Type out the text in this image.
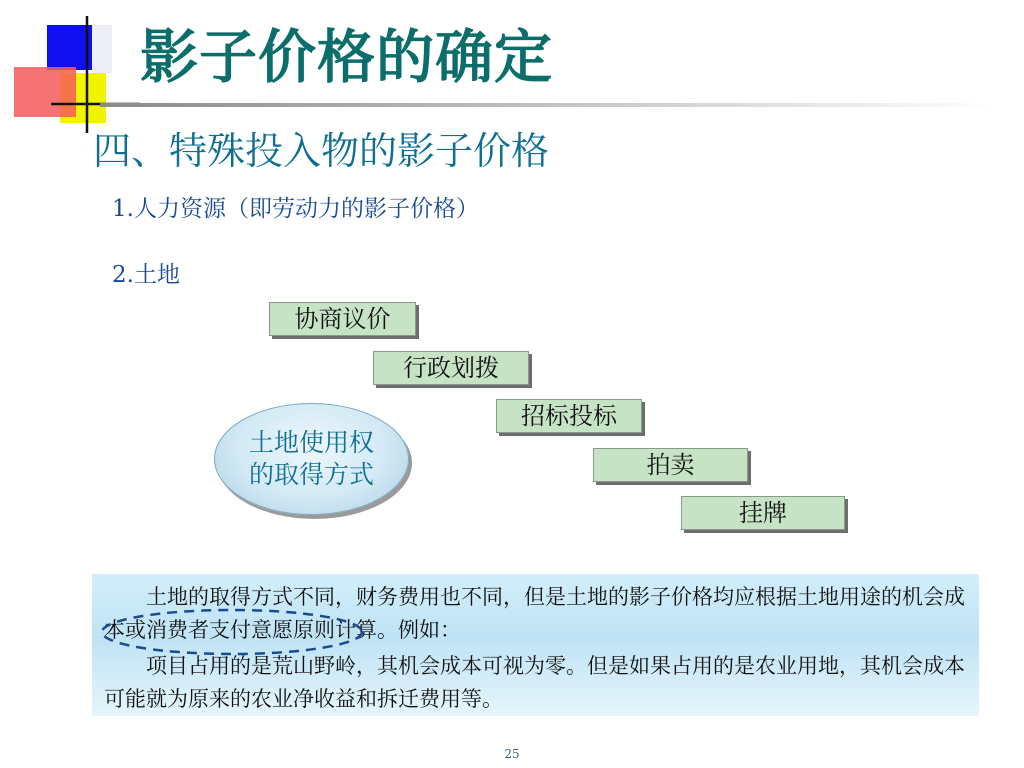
影子价格的确定
四、特殊投入物的影子价格
1.人力资源（即劳动力的影子价格）
2.土地
协商议价
行政划拨
招标投标
拍卖
挂牌
土地使用权的取得方式

土地的取得方式不同，财务费用也不同，但是土地的影子价格均应根据土地用途的机会成本或消费者支付意愿原则计算。例如：

项目占用的是荒山野岭，其机会成本可视为零。但是如果占用的是农业用地，其机会成本可能就为原来的农业净收益和拆迁费用等。

25
